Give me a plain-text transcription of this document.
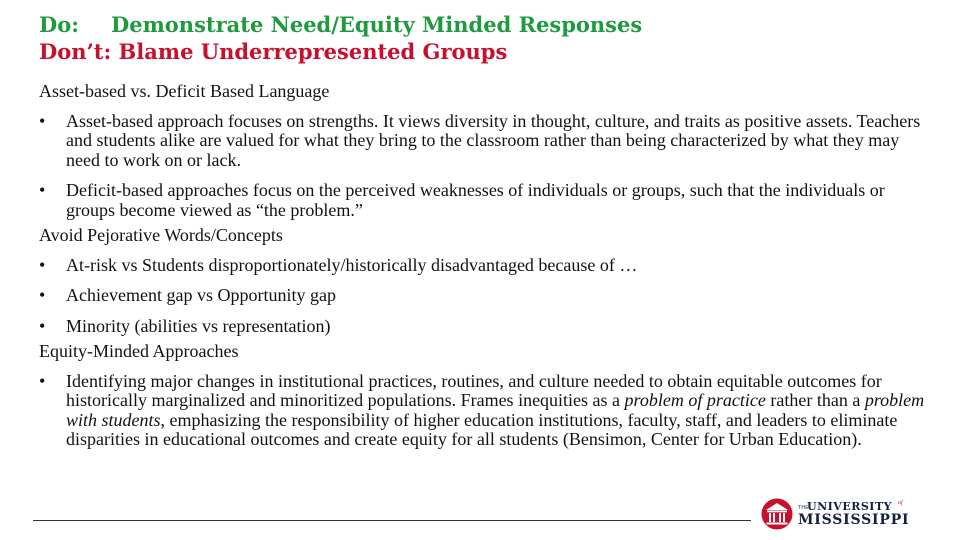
Do: Demonstrate Need/Equity Minded Responses
Don’t: Blame Underrepresented Groups
Asset-based vs. Deficit Based Language
•	Asset-based approach focuses on strengths. It views diversity in thought, culture, and traits as positive assets. Teachers and students alike are valued for what they bring to the classroom rather than being characterized by what they may need to work on or lack.
•	Deficit-based approaches focus on the perceived weaknesses of individuals or groups, such that the individuals or groups become viewed as “the problem.”
Avoid Pejorative Words/Concepts
•	At-risk vs Students disproportionately/historically disadvantaged because of …
•	Achievement gap vs Opportunity gap
•	Minority (abilities vs representation)
Equity-Minded Approaches
•	Identifying major changes in institutional practices, routines, and culture needed to obtain equitable outcomes for historically marginalized and minoritized populations. Frames inequities as a problem of practice rather than a problem with students, emphasizing the responsibility of higher education institutions, faculty, staff, and leaders to eliminate disparities in educational outcomes and create equity for all students (Bensimon, Center for Urban Education).
THE
UNIVERSITY of
MISSISSIPPI
